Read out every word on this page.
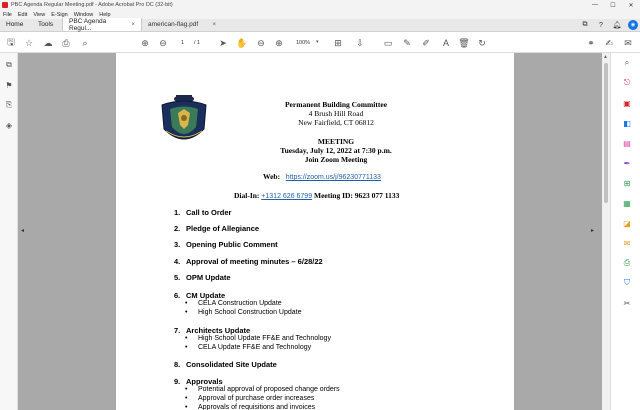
PBC Agenda Regular Meeting.pdf - Adobe Acrobat Pro DC (32-bit)	—	☐	✕
File Edit View E-Sign Window Help
Home	Tools	PBC Agenda Regul...	× american-flag.pdf ×	⧉	?	🔔︎	◉
🖫 ☆ ☁ ⎙	⌕	⊕ ⊖	1 / 1 ➤ ✋ ⊖ ⊕	100% ▾ ⊞ ⇩ ▭ ✎ ✐	A	🗑︎ ↻	⚭ ✍ ✉
⧉
⚑
⎘
◈
◂	▸
Permanent Building Committee
4 Brush Hill Road
New Fairfield, CT 06812
MEETING
Tuesday, July 12, 2022 at 7:30 p.m.
Join Zoom Meeting
Web: https://zoom.us/j/96230771133
Dial-In: +1312 626 6799 Meeting ID: 9623 077 1133
1. Call to Order
2. Pledge of Allegiance
3. Opening Public Comment
4. Approval of meeting minutes – 6/28/22
5. OPM Update
6. CM Update
• CELA Construction Update
• High School Construction Update
7. Architects Update
• High School Update FF&E and Technology
• CELA Update FF&E and Technology
8. Consolidated Site Update
9. Approvals
• Potential approval of proposed change orders
• Approval of purchase order increases
• Approvals of requisitions and invoices
▲
⌕
⎋
▣
◧
▤
✒
⊞
▦
◪
✉
⎙
⛉
✂
